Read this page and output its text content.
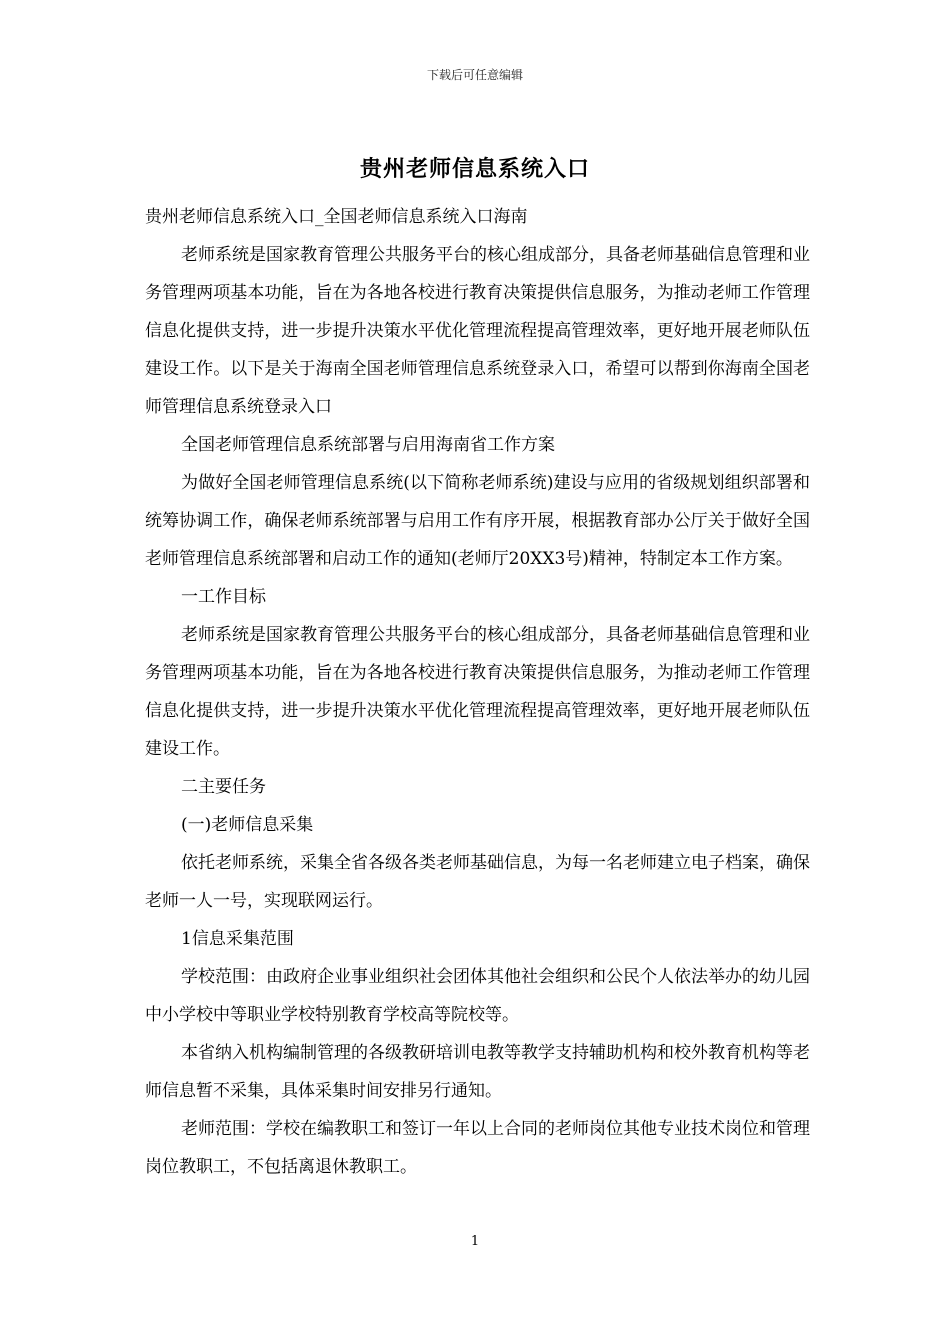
下载后可任意编辑
贵州老师信息系统入口

贵州老师信息系统入口_全国老师信息系统入口海南

老师系统是国家教育管理公共服务平台的核心组成部分，具备老师基础信息管理和业务管理两项基本功能，旨在为各地各校进行教育决策提供信息服务，为推动老师工作管理信息化提供支持，进一步提升决策水平优化管理流程提高管理效率，更好地开展老师队伍建设工作。以下是关于海南全国老师管理信息系统登录入口，希望可以帮到你海南全国老师管理信息系统登录入口

全国老师管理信息系统部署与启用海南省工作方案

为做好全国老师管理信息系统(以下简称老师系统)建设与应用的省级规划组织部署和统筹协调工作，确保老师系统部署与启用工作有序开展，根据教育部办公厅关于做好全国老师管理信息系统部署和启动工作的通知(老师厅20XX3号)精神，特制定本工作方案。

一工作目标

老师系统是国家教育管理公共服务平台的核心组成部分，具备老师基础信息管理和业务管理两项基本功能，旨在为各地各校进行教育决策提供信息服务，为推动老师工作管理信息化提供支持，进一步提升决策水平优化管理流程提高管理效率，更好地开展老师队伍建设工作。

二主要任务

(一)老师信息采集

依托老师系统，采集全省各级各类老师基础信息，为每一名老师建立电子档案，确保老师一人一号，实现联网运行。

1信息采集范围

学校范围：由政府企业事业组织社会团体其他社会组织和公民个人依法举办的幼儿园中小学校中等职业学校特别教育学校高等院校等。

本省纳入机构编制管理的各级教研培训电教等教学支持辅助机构和校外教育机构等老师信息暂不采集，具体采集时间安排另行通知。

老师范围：学校在编教职工和签订一年以上合同的老师岗位其他专业技术岗位和管理岗位教职工，不包括离退休教职工。

1
